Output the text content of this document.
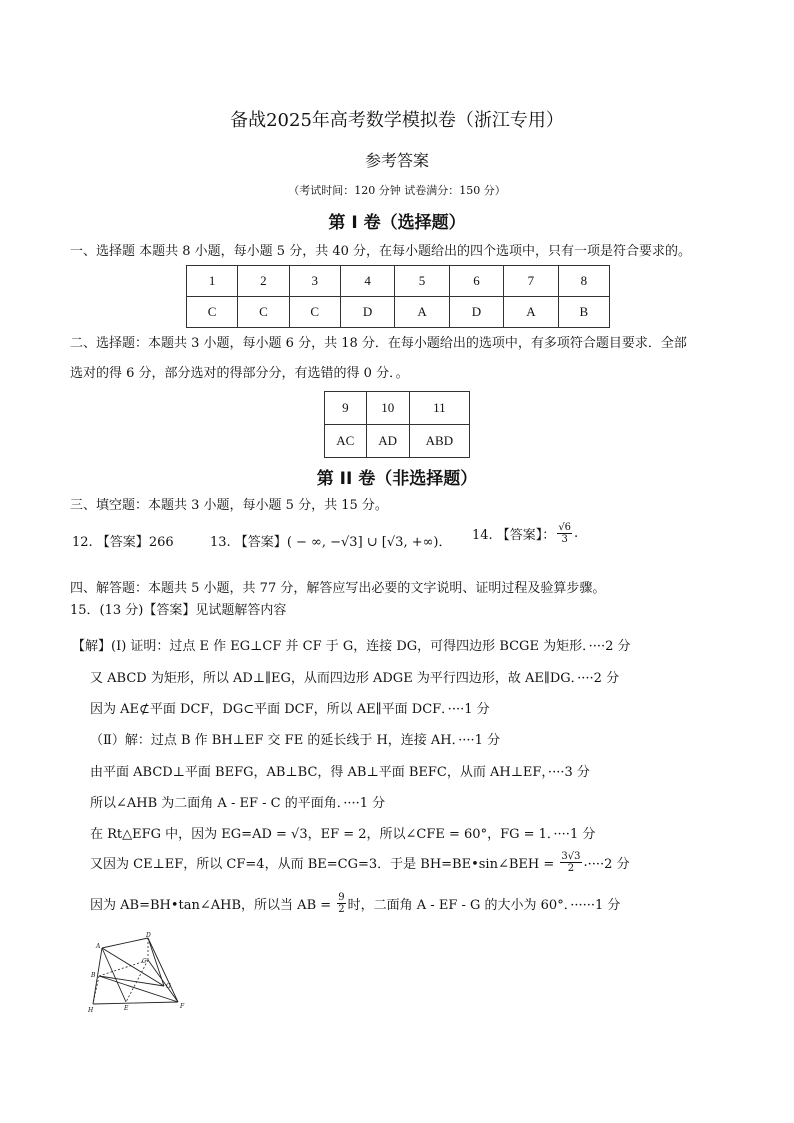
备战2025年高考数学模拟卷（浙江专用）
参考答案
（考试时间：120 分钟 试卷满分：150 分）
第 I 卷（选择题）
一、选择题 本题共 8 小题，每小题 5 分，共 40 分，在每小题给出的四个选项中，只有一项是符合要求的。
1	2	3	4	5	6	7	8
C	C	C	D	A	D	A	B
二、选择题：本题共 3 小题，每小题 6 分，共 18 分．在每小题给出的选项中，有多项符合题目要求．全部
选对的得 6 分，部分选对的得部分分，有选错的得 0 分．。
9	10	11
AC	AD	ABD
第 II 卷（非选择题）
三、填空题：本题共 3 小题，每小题 5 分，共 15 分。
12. 【答案】266	13. 【答案】( − ∞, −√3] ∪ [√3, +∞)． 14. 【答案】： $\frac{√6}{3}$ .
四、解答题：本题共 5 小题，共 77 分，解答应写出必要的文字说明、证明过程及验算步骤。
15．(13 分)【答案】见试题解答内容
【解】(Ⅰ) 证明：过点 E 作 EG⊥CF 并 CF 于 G，连接 DG，可得四边形 BCGE 为矩形．····2 分
又 ABCD 为矩形，所以 AD⊥∥EG，从而四边形 ADGE 为平行四边形，故 AE∥DG．····2 分
因为 AE⊄平面 DCF，DG⊂平面 DCF，所以 AE∥平面 DCF．····1 分
（Ⅱ）解：过点 B 作 BH⊥EF 交 FE 的延长线于 H，连接 AH．····1 分
由平面 ABCD⊥平面 BEFG，AB⊥BC，得 AB⊥平面 BEFC，从而 AH⊥EF，····3 分
所以∠AHB 为二面角 A - EF - C 的平面角．····1 分
在 Rt△EFG 中，因为 EG=AD = √3，EF = 2，所以∠CFE = 60°，FG = 1．····1 分
又因为 CE⊥EF，所以 CF=4，从而 BE=CG=3．于是 BH=BE•sin∠BEH = $\frac{3√3}{2} .\cdot\cdot\cdot\cdot 2$ 分
因为 AB=BH•tan∠AHB，所以当 AB = $\frac{9}{2}$ 时，二面角 A - EF - G 的大小为 60°．······1 分
A
D
B
C
G
H	E	F
